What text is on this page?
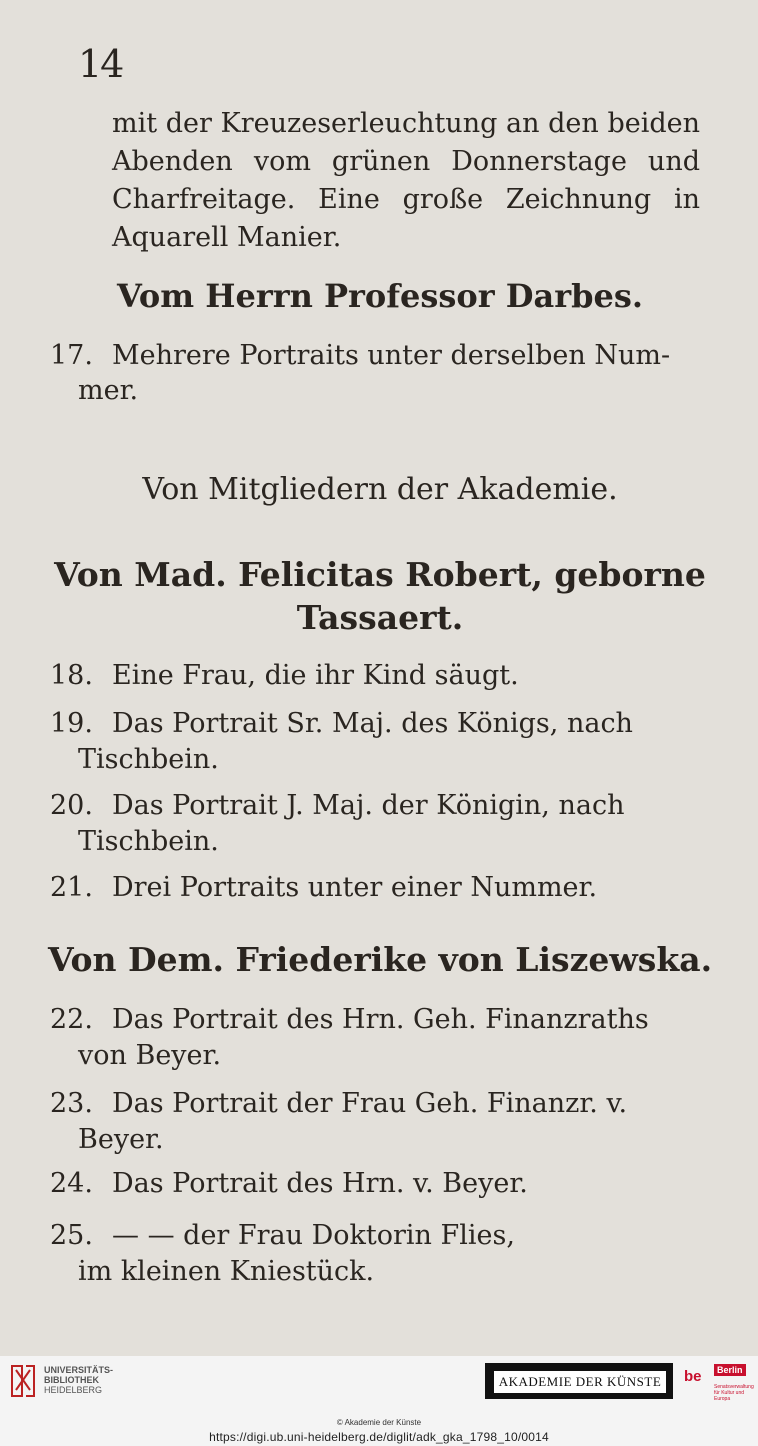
14
mit der Kreuzeserleuchtung an den beiden
Abenden vom grünen Donnerstage und
Charfreitage. Eine große Zeichnung in
Aquarell Manier.
Vom Herrn Professor Darbes.
17. Mehrere Portraits unter derselben Num-
mer.
Von Mitgliedern der Akademie.
Von Mad. Felicitas Robert, geborne
Tassaert.
18. Eine Frau, die ihr Kind säugt.
19. Das Portrait Sr. Maj. des Königs, nach
Tischbein.
20. Das Portrait J. Maj. der Königin, nach
Tischbein.
21. Drei Portraits unter einer Nummer.
Von Dem. Friederike von Liszewska.
22. Das Portrait des Hrn. Geh. Finanzraths
von Beyer.
23. Das Portrait der Frau Geh. Finanzr. v.
Beyer.
24. Das Portrait des Hrn. v. Beyer.
25. — — der Frau Doktorin Flies,
im kleinen Kniestück.
UNIVERSITÄTS-
BIBLIOTHEK
HEIDELBERG
AKADEMIE DER KÜNSTE	be	Berlin
Senatsverwaltung für Kultur und Europa
© Akademie der Künste
https://digi.ub.uni-heidelberg.de/diglit/adk_gka_1798_10/0014
